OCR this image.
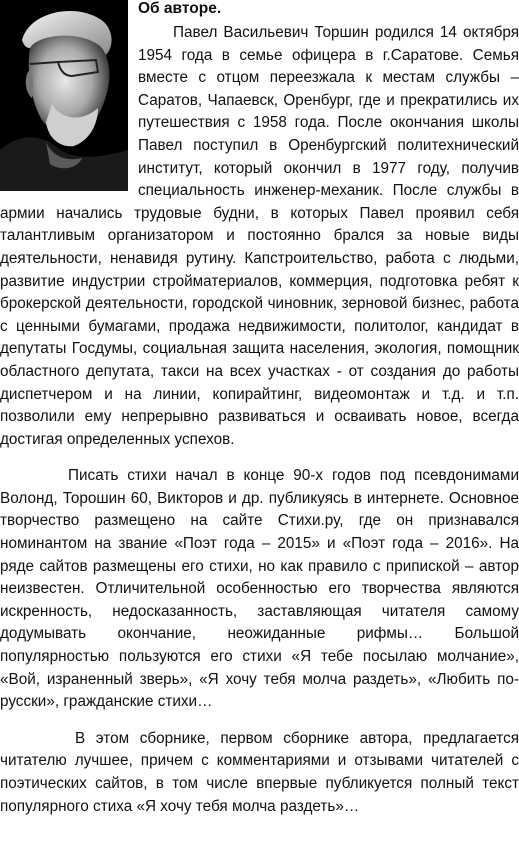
Об авторе.

Павел Васильевич Торшин родился 14 октября 1954 года в семье офицера в г.Саратове. Семья вместе с отцом переезжала к местам службы – Саратов, Чапаевск, Оренбург, где и прекратились их путешествия с 1958 года. После окончания школы Павел поступил в Оренбургский политехнический институт, который окончил в 1977 году, получив специальность инженер-механик. После службы в армии начались трудовые будни, в которых Павел проявил себя талантливым организатором и постоянно брался за новые виды деятельности, ненавидя рутину. Капстроительство, работа с людьми, развитие индустрии стройматериалов, коммерция, подготовка ребят к брокерской деятельности, городской чиновник, зерновой бизнес, работа с ценными бумагами, продажа недвижимости, политолог, кандидат в депутаты Госдумы, социальная защита населения, экология, помощник областного депутата, такси на всех участках - от создания до работы диспетчером и на линии, копирайтинг, видеомонтаж и т.д. и т.п. позволили ему непрерывно развиваться и осваивать новое, всегда достигая определенных успехов.

Писать стихи начал в конце 90-х годов под псевдонимами Волонд, Торошин 60, Викторов и др. публикуясь в интернете. Основное творчество размещено на сайте Стихи.ру, где он признавался номинантом на звание «Поэт года – 2015» и «Поэт года – 2016». На ряде сайтов размещены его стихи, но как правило с припиской – автор неизвестен. Отличительной особенностью его творчества являются искренность, недосказанность, заставляющая читателя самому додумывать окончание, неожиданные рифмы… Большой популярностью пользуются его стихи «Я тебе посылаю молчание», «Вой, израненный зверь», «Я хочу тебя молча раздеть», «Любить по-русски», гражданские стихи…

В этом сборнике, первом сборнике автора, предлагается читателю лучшее, причем с комментариями и отзывами читателей с поэтических сайтов, в том числе впервые публикуется полный текст популярного стиха «Я хочу тебя молча раздеть»…
